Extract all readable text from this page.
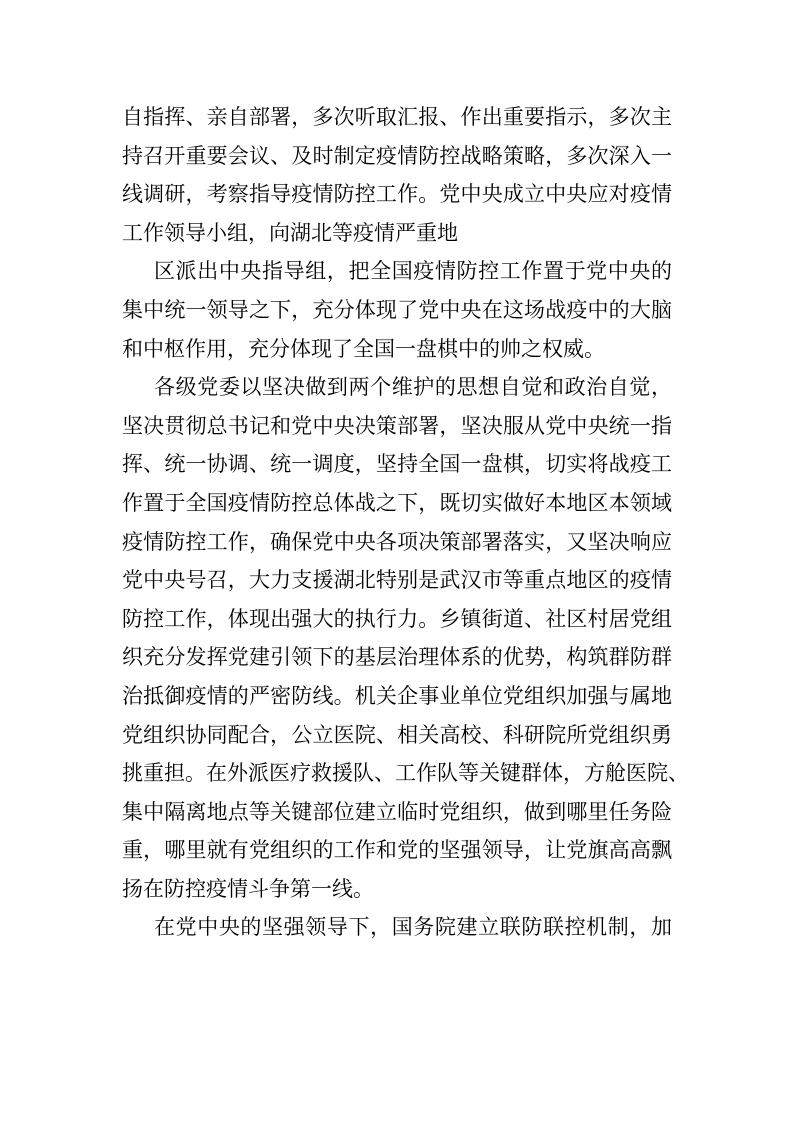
自指挥、亲自部署，多次听取汇报、作出重要指示，多次主
持召开重要会议、及时制定疫情防控战略策略，多次深入一
线调研，考察指导疫情防控工作。党中央成立中央应对疫情
工作领导小组，向湖北等疫情严重地
区派出中央指导组，把全国疫情防控工作置于党中央的
集中统一领导之下，充分体现了党中央在这场战疫中的大脑
和中枢作用，充分体现了全国一盘棋中的帅之权威。
各级党委以坚决做到两个维护的思想自觉和政治自觉，
坚决贯彻总书记和党中央决策部署，坚决服从党中央统一指
挥、统一协调、统一调度，坚持全国一盘棋，切实将战疫工
作置于全国疫情防控总体战之下，既切实做好本地区本领域
疫情防控工作，确保党中央各项决策部署落实，又坚决响应
党中央号召，大力支援湖北特别是武汉市等重点地区的疫情
防控工作，体现出强大的执行力。乡镇街道、社区村居党组
织充分发挥党建引领下的基层治理体系的优势，构筑群防群
治抵御疫情的严密防线。机关企事业单位党组织加强与属地
党组织协同配合，公立医院、相关高校、科研院所党组织勇
挑重担。在外派医疗救援队、工作队等关键群体，方舱医院、
集中隔离地点等关键部位建立临时党组织，做到哪里任务险
重，哪里就有党组织的工作和党的坚强领导，让党旗高高飘
扬在防控疫情斗争第一线。
在党中央的坚强领导下，国务院建立联防联控机制，加
